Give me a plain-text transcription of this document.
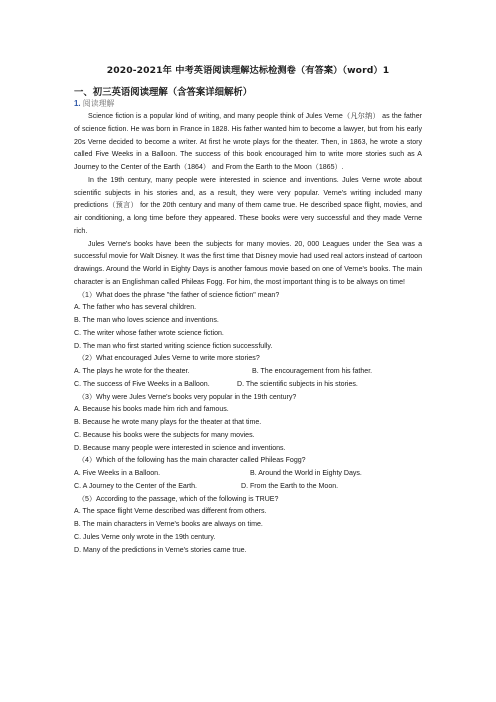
2020-2021年 中考英语阅读理解达标检测卷（有答案）（word）1
一、初三英语阅读理解（含答案详细解析）
1. 阅读理解

Science fiction is a popular kind of writing, and many people think of Jules Verne（凡尔纳） as the father of science fiction. He was born in France in 1828. His father wanted him to become a lawyer, but from his early 20s Verne decided to become a writer. At first he wrote plays for the theater. Then, in 1863, he wrote a story called Five Weeks in a Balloon. The success of this book encouraged him to write more stories such as A Journey to the Center of the Earth（1864） and From the Earth to the Moon（1865）.

In the 19th century, many people were interested in science and inventions. Jules Verne wrote about scientific subjects in his stories and, as a result, they were very popular. Verne's writing included many predictions（预言） for the 20th century and many of them came true. He described space flight, movies, and air conditioning, a long time before they appeared. These books were very successful and they made Verne rich.

Jules Verne's books have been the subjects for many movies. 20, 000 Leagues under the Sea was a successful movie for Walt Disney. It was the first time that Disney movie had used real actors instead of cartoon drawings. Around the World in Eighty Days is another famous movie based on one of Verne's books. The main character is an Englishman called Phileas Fogg. For him, the most important thing is to be always on time!

（1）What does the phrase "the father of science fiction" mean?

A. The father who has several children.

B. The man who loves science and inventions.

C. The writer whose father wrote science fiction.

D. The man who first started writing science fiction successfully.

（2）What encouraged Jules Verne to write more stories?

A. The plays he wrote for the theater.	B. The encouragement from his father.
C. The success of Five Weeks in a Balloon.	D. The scientific subjects in his stories.

（3）Why were Jules Verne's books very popular in the 19th century?

A. Because his books made him rich and famous.

B. Because he wrote many plays for the theater at that time.

C. Because his books were the subjects for many movies.

D. Because many people were interested in science and inventions.

（4）Which of the following has the main character called Phileas Fogg?

A. Five Weeks in a Balloon.	B. Around the World in Eighty Days.
C. A Journey to the Center of the Earth.	D. From the Earth to the Moon.

（5）According to the passage, which of the following is TRUE?

A. The space flight Verne described was different from others.

B. The main characters in Verne's books are always on time.

C. Jules Verne only wrote in the 19th century.

D. Many of the predictions in Verne's stories came true.
